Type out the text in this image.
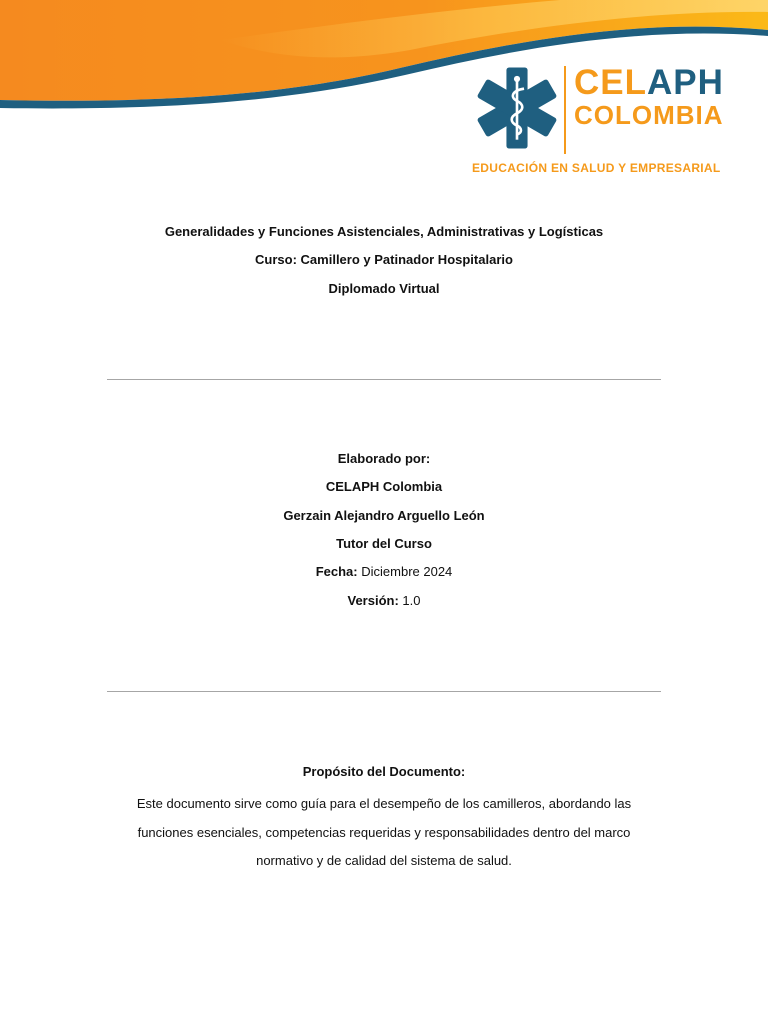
CELAPH
COLOMBIA
EDUCACIÓN EN SALUD Y EMPRESARIAL
Generalidades y Funciones Asistenciales, Administrativas y Logísticas
Curso: Camillero y Patinador Hospitalario
Diplomado Virtual
Elaborado por:
CELAPH Colombia
Gerzain Alejandro Arguello León
Tutor del Curso
Fecha: Diciembre 2024
Versión: 1.0
Propósito del Documento:
Este documento sirve como guía para el desempeño de los camilleros, abordando las funciones esenciales, competencias requeridas y responsabilidades dentro del marco normativo y de calidad del sistema de salud.
